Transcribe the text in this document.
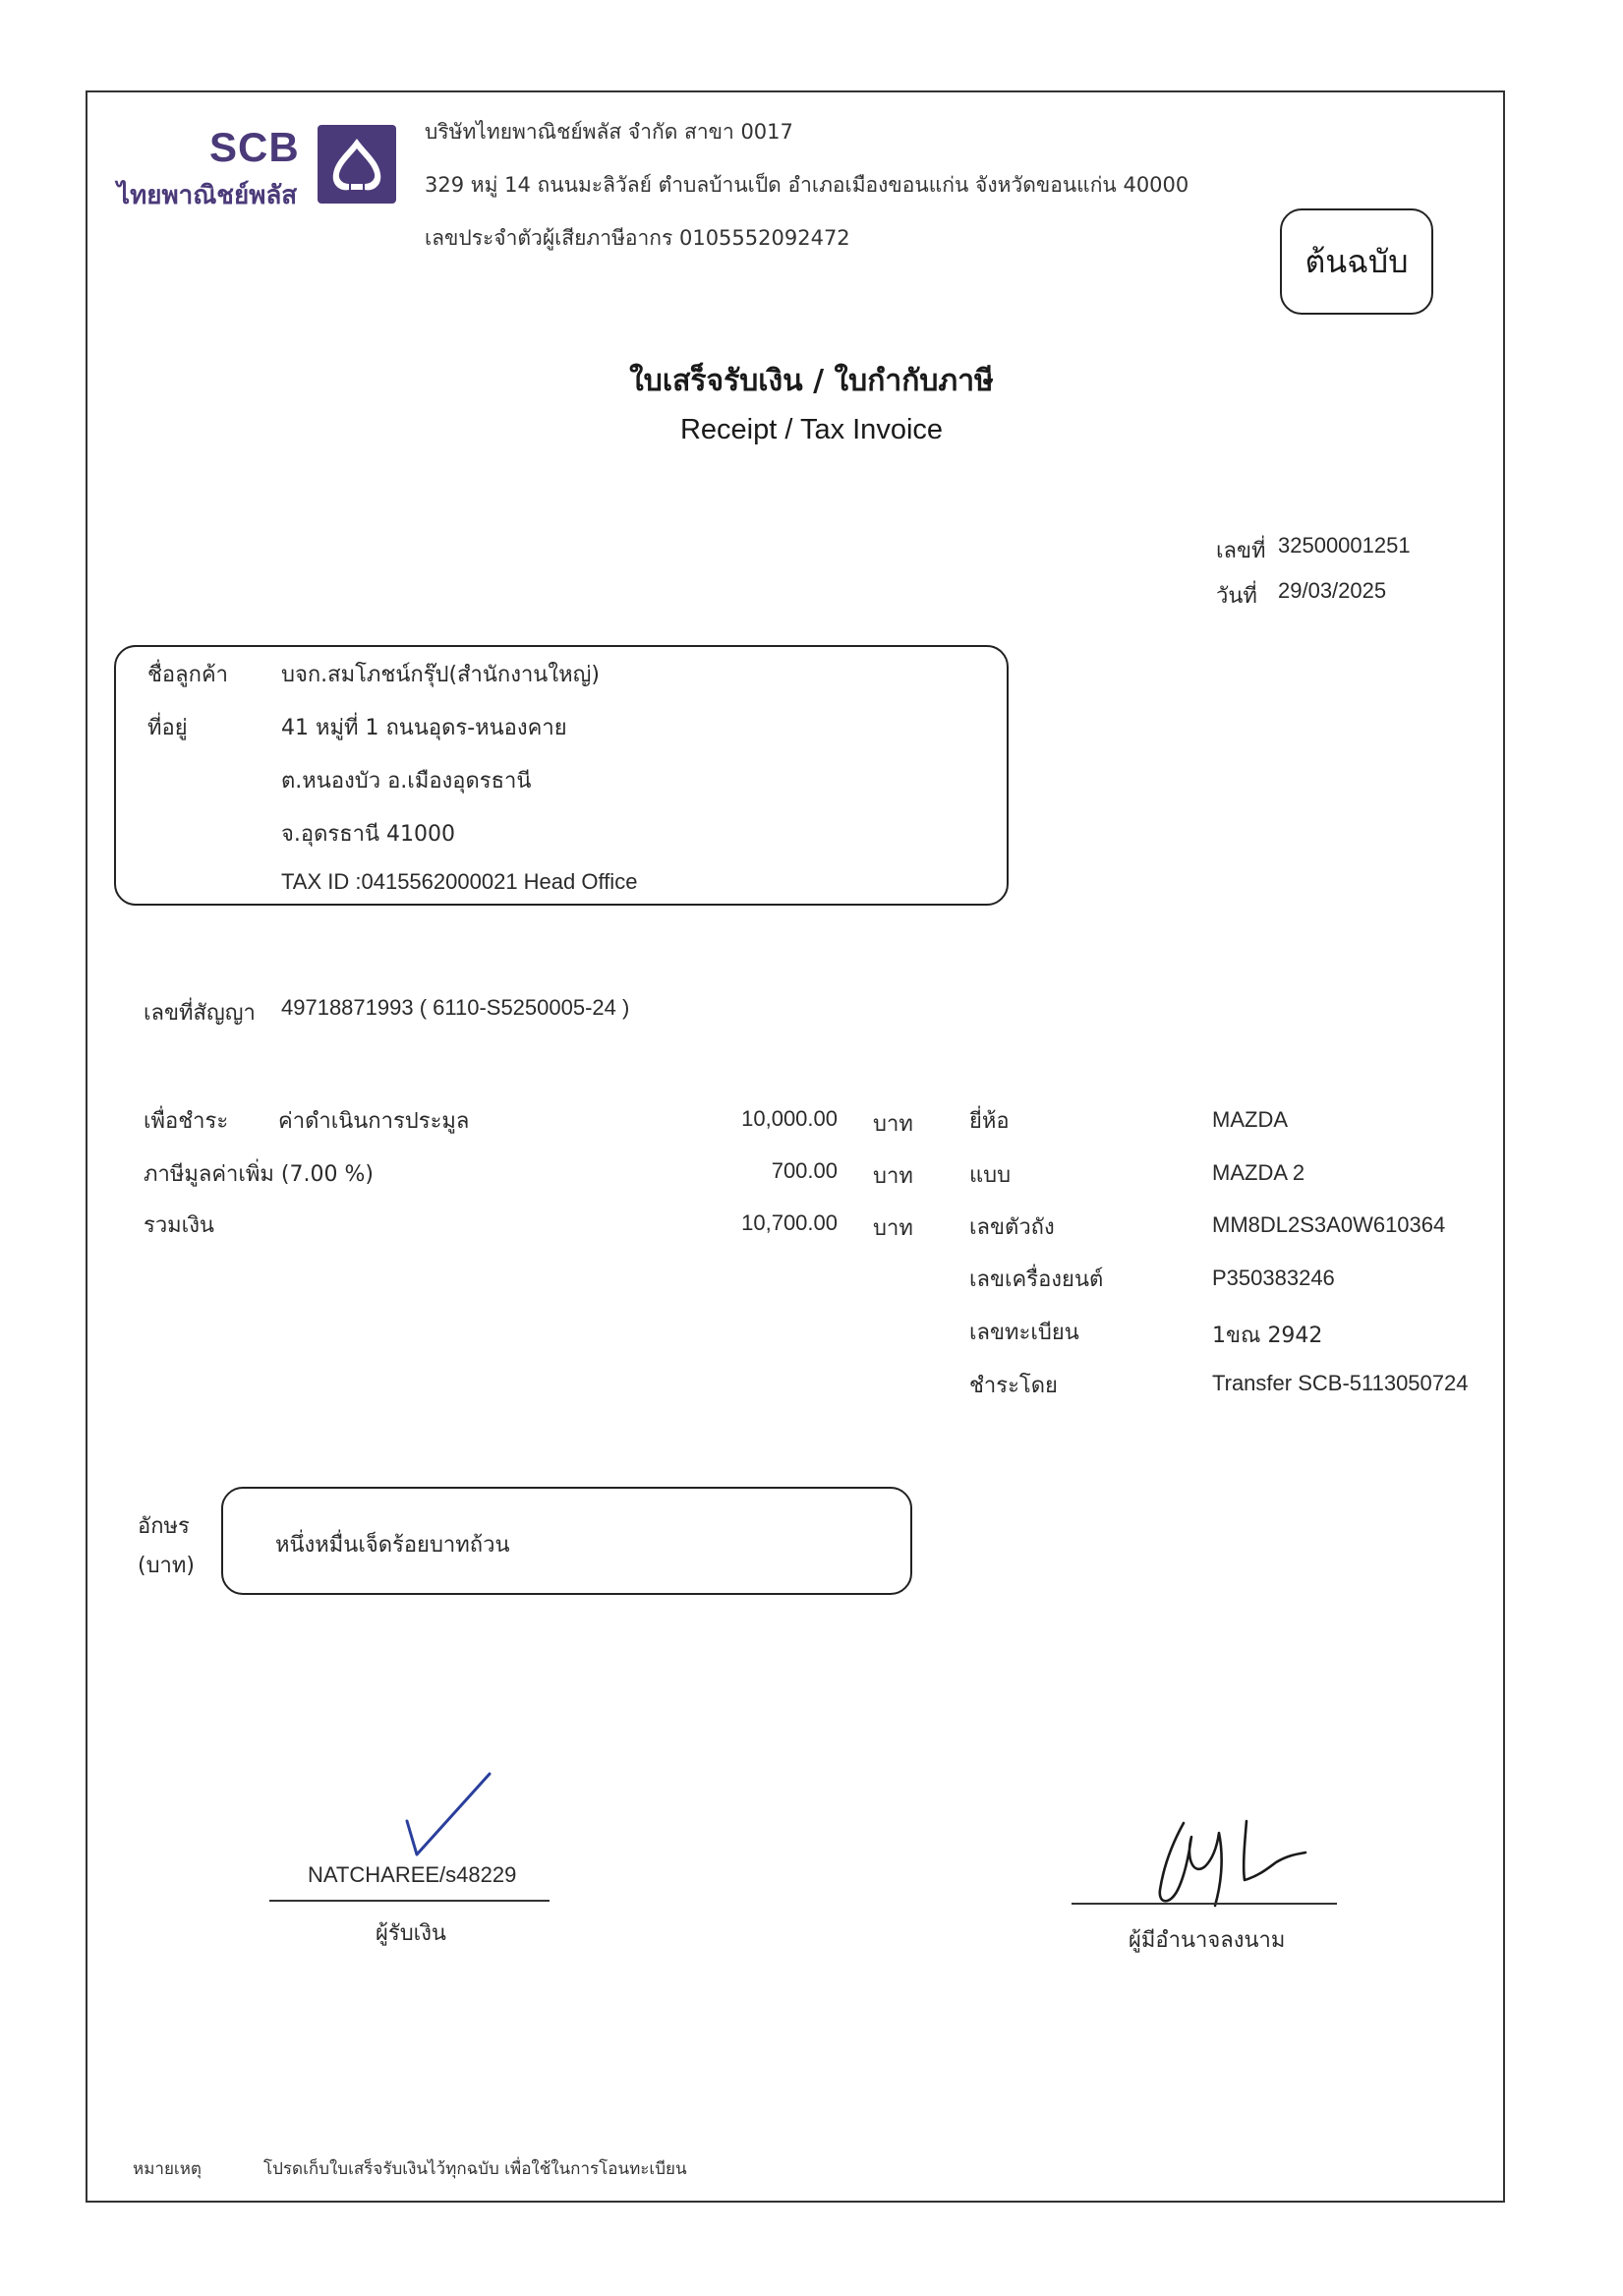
SCB
ไทยพาณิชย์พลัส
บริษัทไทยพาณิชย์พลัส จำกัด สาขา 0017
329 หมู่ 14 ถนนมะลิวัลย์ ตำบลบ้านเป็ด อำเภอเมืองขอนแก่น จังหวัดขอนแก่น 40000
เลขประจำตัวผู้เสียภาษีอากร 0105552092472
ต้นฉบับ
ใบเสร็จรับเงิน / ใบกำกับภาษี
Receipt / Tax Invoice
เลขที่ 32500001251
วันที่ 29/03/2025
ชื่อลูกค้า บจก.สมโภชน์กรุ๊ป(สำนักงานใหญ่)
ที่อยู่	41 หมู่ที่ 1 ถนนอุดร-หนองคาย
ต.หนองบัว อ.เมืองอุดรธานี
จ.อุดรธานี 41000
TAX ID :0415562000021 Head Office
เลขที่สัญญา 49718871993 ( 6110-S5250005-24 )
เพื่อชำระ ค่าดำเนินการประมูล	10,000.00 บาท
ภาษีมูลค่าเพิ่ม (7.00 %)	700.00 บาท
รวมเงิน	10,700.00 บาท
ยี่ห้อ	MAZDA
แบบ	MAZDA 2
เลขตัวถัง	MM8DL2S3A0W610364
เลขเครื่องยนต์	P350383246
เลขทะเบียน	1ขณ 2942
ชำระโดย	Transfer SCB-5113050724
อักษร
(บาท)
หนึ่งหมื่นเจ็ดร้อยบาทถ้วน
NATCHAREE/s48229
ผู้รับเงิน	ผู้มีอำนาจลงนาม
หมายเหตุ	โปรดเก็บใบเสร็จรับเงินไว้ทุกฉบับ เพื่อใช้ในการโอนทะเบียน
